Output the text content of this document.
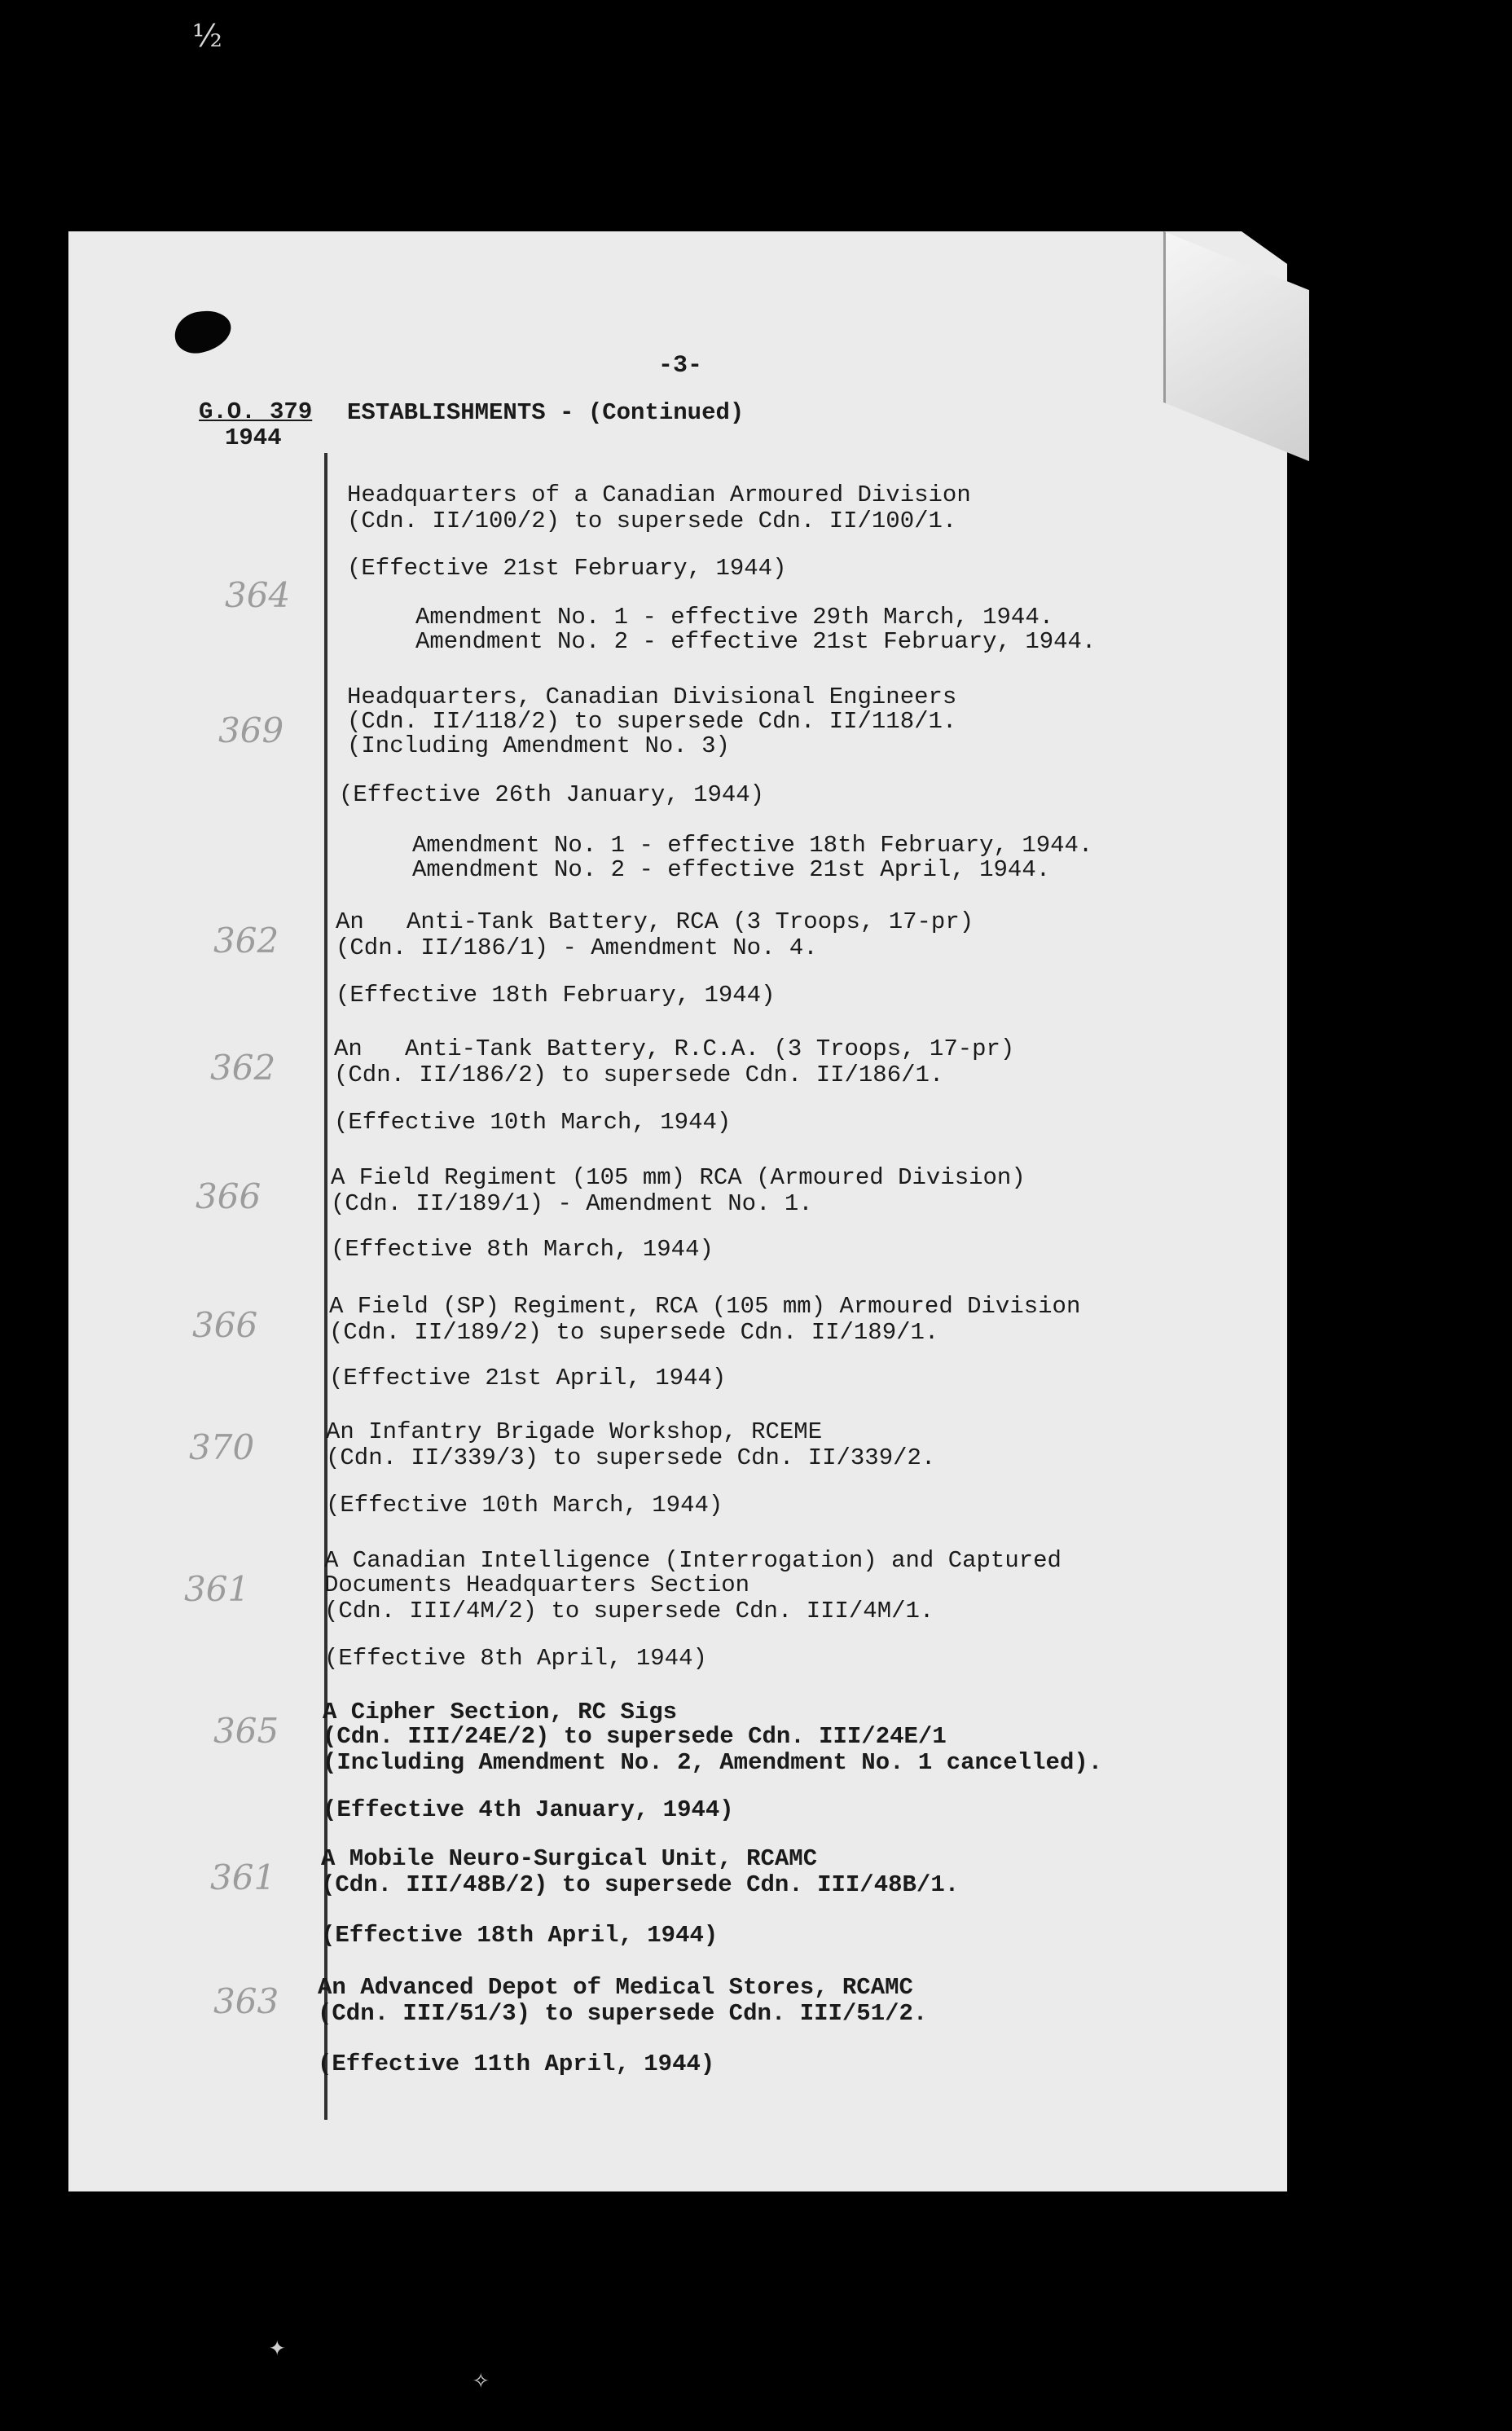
½
-3-
G.O. 379
1944
ESTABLISHMENTS - (Continued)
Headquarters of a Canadian Armoured Division
(Cdn. II/100/2) to supersede Cdn. II/100/1.
(Effective 21st February, 1944)
Amendment No. 1 - effective 29th March, 1944.
Amendment No. 2 - effective 21st February, 1944.
364
Headquarters, Canadian Divisional Engineers
(Cdn. II/118/2) to supersede Cdn. II/118/1.
(Including Amendment No. 3)
(Effective 26th January, 1944)
Amendment No. 1 - effective 18th February, 1944.
Amendment No. 2 - effective 21st April, 1944.
369
An   Anti-Tank Battery, RCA (3 Troops, 17-pr)
(Cdn. II/186/1) - Amendment No. 4.
(Effective 18th February, 1944)
362
An   Anti-Tank Battery, R.C.A. (3 Troops, 17-pr)
(Cdn. II/186/2) to supersede Cdn. II/186/1.
(Effective 10th March, 1944)
362
A Field Regiment (105 mm) RCA (Armoured Division)
(Cdn. II/189/1) - Amendment No. 1.
(Effective 8th March, 1944)
366
A Field (SP) Regiment, RCA (105 mm) Armoured Division
(Cdn. II/189/2) to supersede Cdn. II/189/1.
(Effective 21st April, 1944)
366
An Infantry Brigade Workshop, RCEME
(Cdn. II/339/3) to supersede Cdn. II/339/2.
(Effective 10th March, 1944)
370
A Canadian Intelligence (Interrogation) and Captured
Documents Headquarters Section
(Cdn. III/4M/2) to supersede Cdn. III/4M/1.
(Effective 8th April, 1944)
361
A Cipher Section, RC Sigs
(Cdn. III/24E/2) to supersede Cdn. III/24E/1
(Including Amendment No. 2, Amendment No. 1 cancelled).
(Effective 4th January, 1944)
365
A Mobile Neuro-Surgical Unit, RCAMC
(Cdn. III/48B/2) to supersede Cdn. III/48B/1.
(Effective 18th April, 1944)
361
An Advanced Depot of Medical Stores, RCAMC
(Cdn. III/51/3) to supersede Cdn. III/51/2.
(Effective 11th April, 1944)
363
✦
✧
